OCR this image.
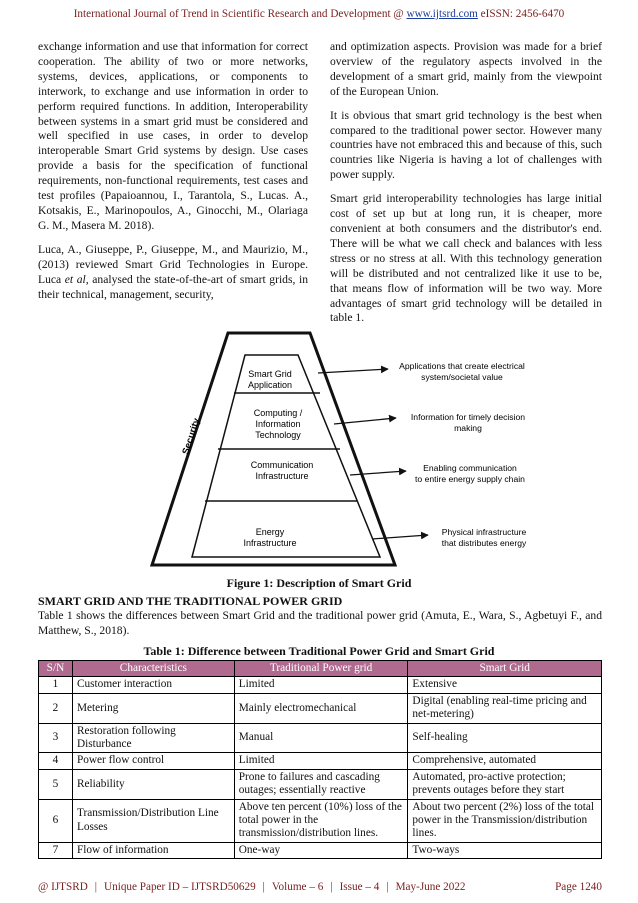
International Journal of Trend in Scientific Research and Development @ www.ijtsrd.com eISSN: 2456-6470

exchange information and use that information for correct cooperation. The ability of two or more networks, systems, devices, applications, or components to interwork, to exchange and use information in order to perform required functions. In addition, Interoperability between systems in a smart grid must be considered and well specified in use cases, in order to develop interoperable Smart Grid systems by design. Use cases provide a basis for the specification of functional requirements, non-functional requirements, test cases and test profiles (Papaioannou, I., Tarantola, S., Lucas. A., Kotsakis, E., Marinopoulos, A., Ginocchi, M., Olariaga G. M., Masera M. 2018).

Luca, A., Giuseppe, P., Giuseppe, M., and Maurizio, M., (2013) reviewed Smart Grid Technologies in Europe. Luca et al, analysed the state-of-the-art of smart grids, in their technical, management, security,

and optimization aspects. Provision was made for a brief overview of the regulatory aspects involved in the development of a smart grid, mainly from the viewpoint of the European Union.

It is obvious that smart grid technology is the best when compared to the traditional power sector. However many countries have not embraced this and because of this, such countries like Nigeria is having a lot of challenges with power supply.

Smart grid interoperability technologies has large initial cost of set up but at long run, it is cheaper, more convenient at both consumers and the distributor's end. There will be what we call check and balances with less stress or no stress at all. With this technology generation will be distributed and not centralized like it use to be, that means flow of information will be two way. More advantages of smart grid technology will be detailed in table 1.

Security
Smart Grid
Application
Computing /
Information
Technology
Communication
Infrastructure
Energy
Infrastructure
Applications that create electrical
system/societal value
Information for timely decision
making
Enabling communication
to entire energy supply chain
Physical infrastructure
that distributes energy
Figure 1: Description of Smart Grid
SMART GRID AND THE TRADITIONAL POWER GRID
Table 1 shows the differences between Smart Grid and the traditional power grid (Amuta, E., Wara, S., Agbetuyi F., and Matthew, S., 2018).
Table 1: Difference between Traditional Power Grid and Smart Grid
S/N	Characteristics	Traditional Power grid	Smart Grid
1	Customer interaction	Limited	Extensive
2	Metering	Mainly electromechanical	Digital (enabling real-time pricing and net-metering)
3	Restoration following Disturbance	Manual	Self-healing
4	Power flow control	Limited	Comprehensive, automated
5	Reliability	Prone to failures and cascading outages; essentially reactive	Automated, pro-active protection; prevents outages before they start
6	Transmission/Distribution Line Losses	Above ten percent (10%) loss of the total power in the transmission/distribution lines.	About two percent (2%) loss of the total power in the Transmission/distribution lines.
7	Flow of information	One-way	Two-ways
@ IJTSRD | Unique Paper ID – IJTSRD50629 | Volume – 6 | Issue – 4 | May-June 2022	Page 1240
